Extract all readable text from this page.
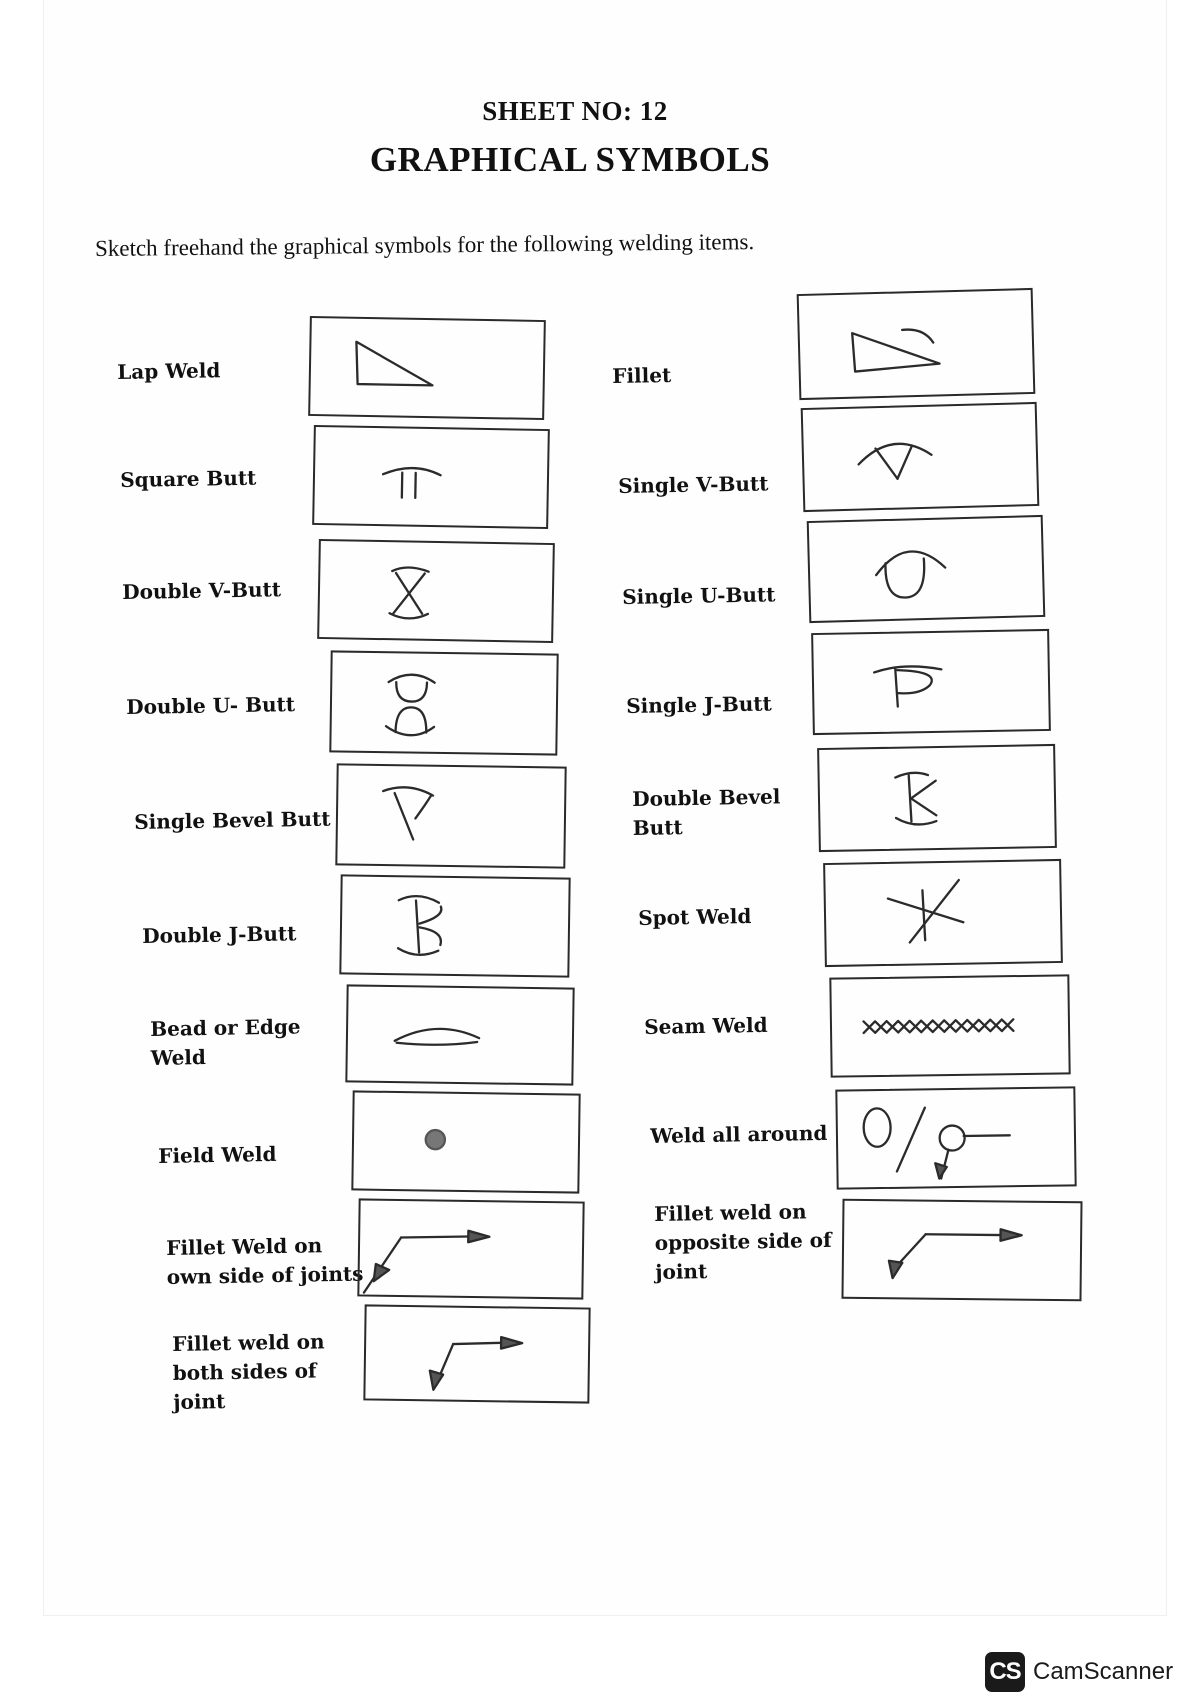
SHEET NO: 12
GRAPHICAL SYMBOLS
Sketch freehand the graphical symbols for the following welding items.
Lap Weld
Square Butt
Double V-Butt
Double U- Butt
Single Bevel Butt
Double J-Butt
Bead or Edge
Weld
Field Weld
Fillet Weld on
own side of joints
Fillet weld on
both sides of
joint
Fillet
Single V-Butt
Single U-Butt
Single J-Butt
Double Bevel
Butt
Spot Weld
Seam Weld
Weld all around
Fillet weld on
opposite side of
joint
CS CamScanner
